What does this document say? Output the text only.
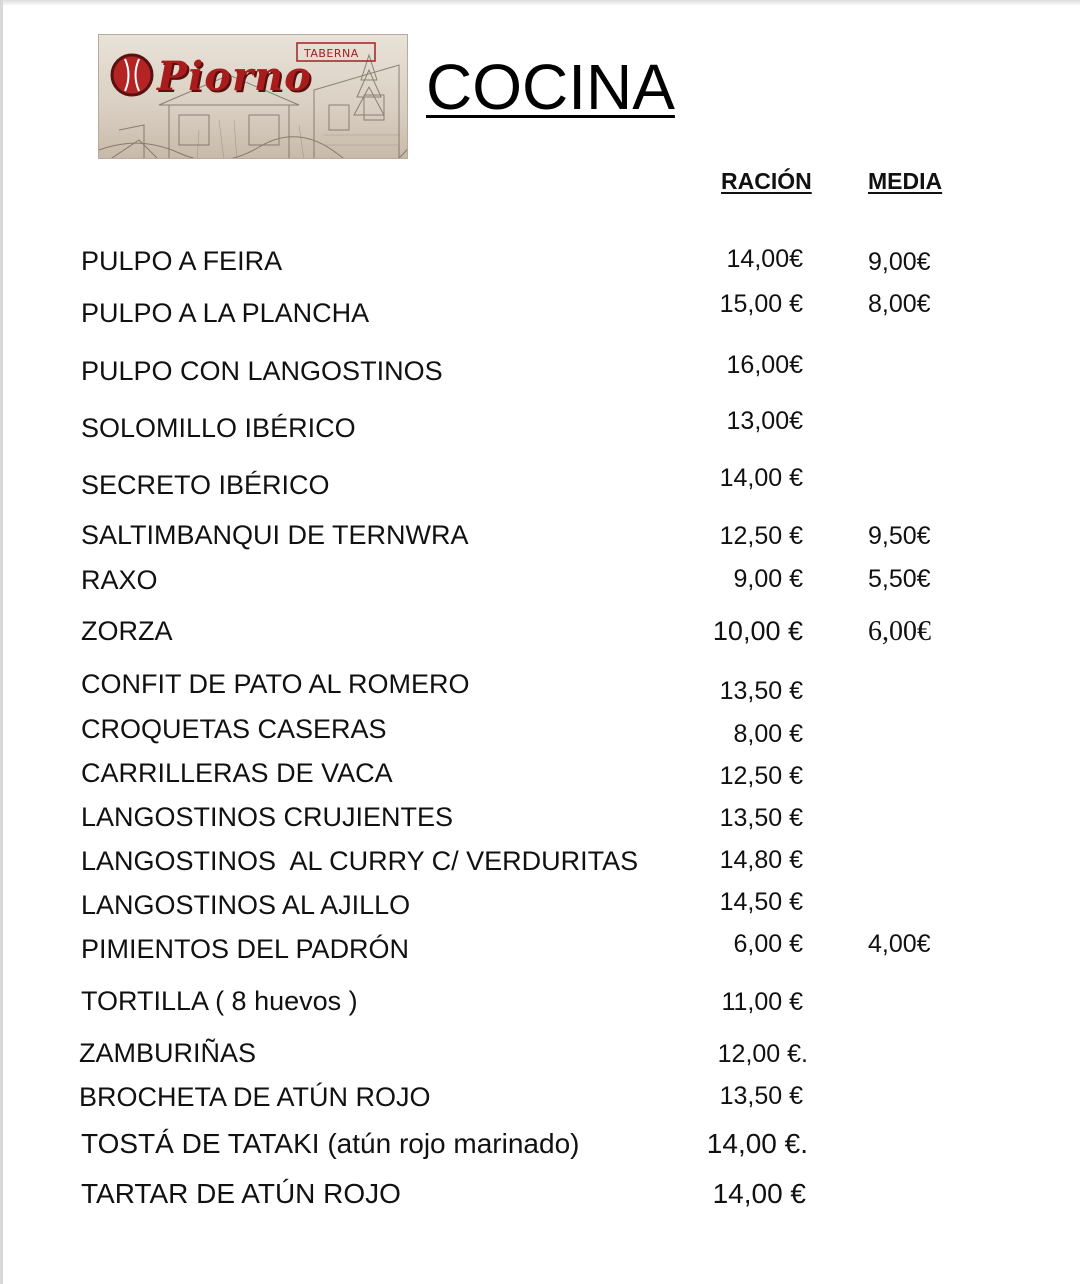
TABERNA
Piorno COCINA
RACIÓN MEDIA
PULPO A FEIRA	14,00€	9,00€
PULPO A LA PLANCHA	15,00 €	8,00€
PULPO CON LANGOSTINOS	16,00€
SOLOMILLO IBÉRICO	13,00€
SECRETO IBÉRICO	14,00 €
SALTIMBANQUI DE TERNWRA	12,50 €	9,50€
RAXO	9,00 €	5,50€
ZORZA	10,00 € 6,00€
CONFIT DE PATO AL ROMERO	13,50 €
CROQUETAS CASERAS	8,00 €
CARRILLERAS DE VACA	12,50 €
LANGOSTINOS CRUJIENTES	13,50 €
LANGOSTINOS  AL CURRY C/ VERDURITAS	14,80 €
LANGOSTINOS AL AJILLO	14,50 €
PIMIENTOS DEL PADRÓN	6,00 €	4,00€
TORTILLA ( 8 huevos )	11,00 €
ZAMBURIÑAS	12,00 €.
BROCHETA DE ATÚN ROJO	13,50 €
TOSTÁ DE TATAKI (atún rojo marinado)	14,00 €.
TARTAR DE ATÚN ROJO	14,00 €
